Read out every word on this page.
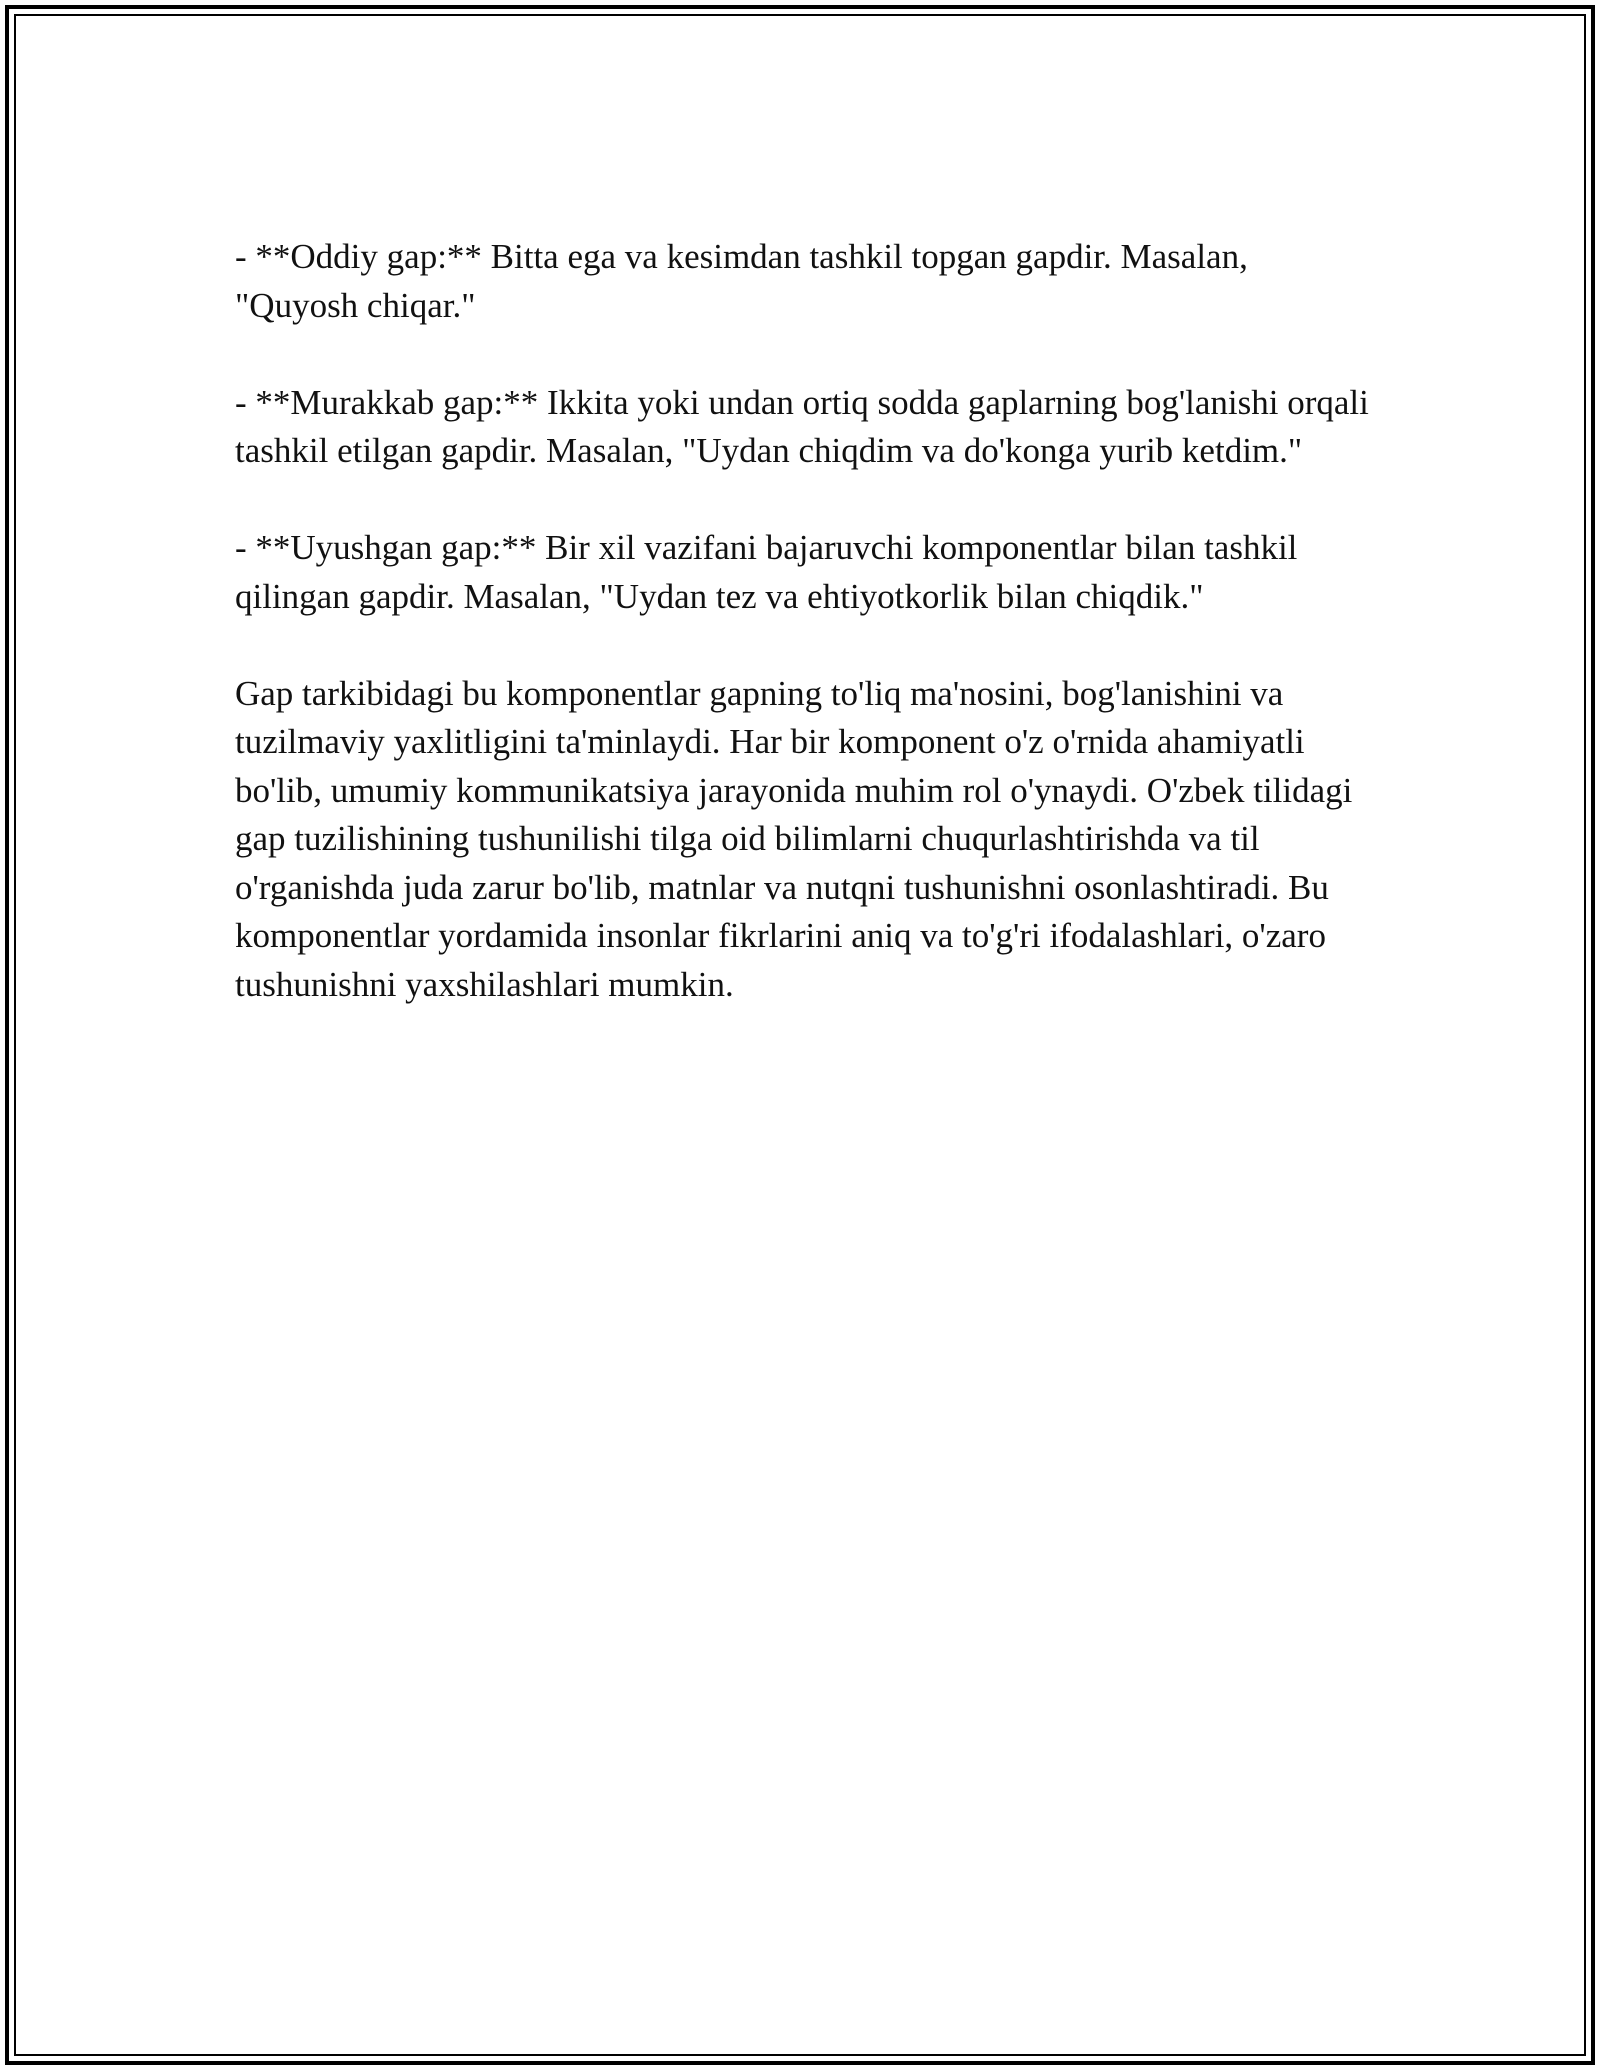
- **Oddiy gap:** Bitta ega va kesimdan tashkil topgan gapdir. Masalan, "Quyosh chiqar."

- **Murakkab gap:** Ikkita yoki undan ortiq sodda gaplarning bog'lanishi orqali tashkil etilgan gapdir. Masalan, "Uydan chiqdim va do'konga yurib ketdim."

- **Uyushgan gap:** Bir xil vazifani bajaruvchi komponentlar bilan tashkil qilingan gapdir. Masalan, "Uydan tez va ehtiyotkorlik bilan chiqdik."

Gap tarkibidagi bu komponentlar gapning to'liq ma'nosini, bog'lanishini va tuzilmaviy yaxlitligini ta'minlaydi. Har bir komponent o'z o'rnida ahamiyatli bo'lib, umumiy kommunikatsiya jarayonida muhim rol o'ynaydi. O'zbek tilidagi gap tuzilishining tushunilishi tilga oid bilimlarni chuqurlashtirishda va til o'rganishda juda zarur bo'lib, matnlar va nutqni tushunishni osonlashtiradi. Bu komponentlar yordamida insonlar fikrlarini aniq va to'g'ri ifodalashlari, o'zaro tushunishni yaxshilashlari mumkin.
